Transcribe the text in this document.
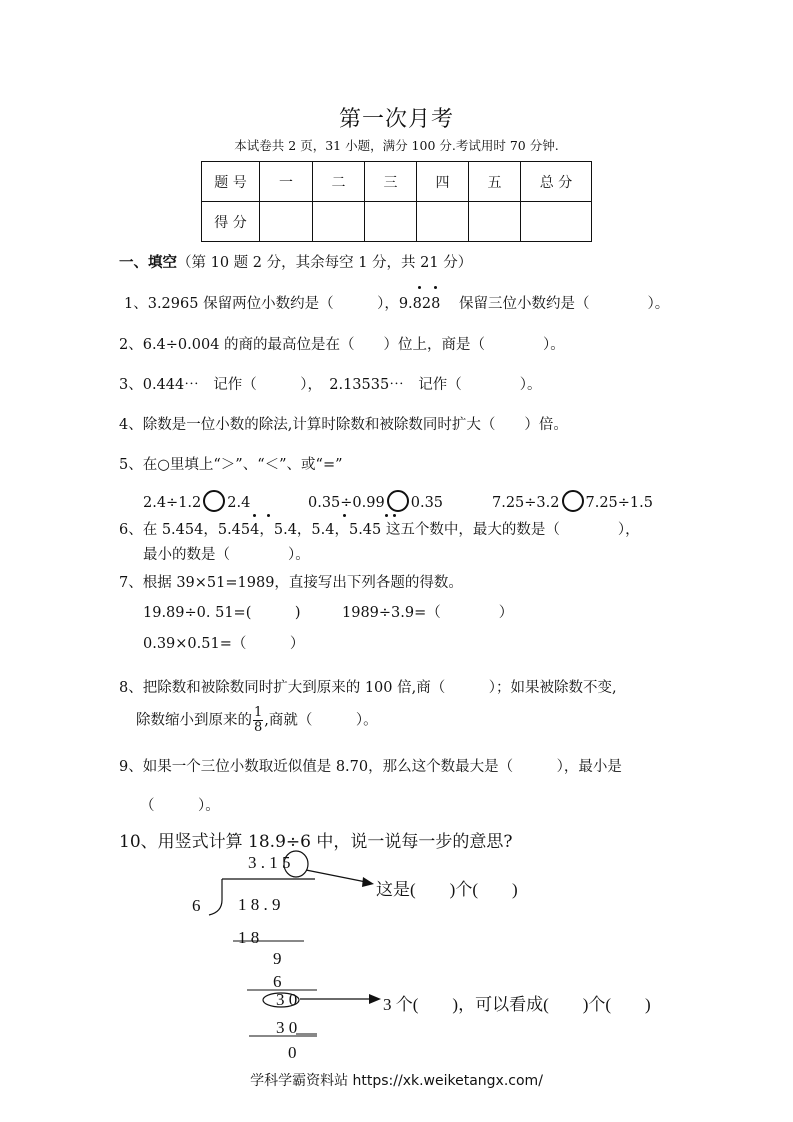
第一次月考
本试卷共 2 页，31 小题，满分 100 分.考试用时 70 分钟.
题 号	一	二	三	四	五	总 分
得 分						
一、填空（第 10 题 2 分，其余每空 1 分，共 21 分）
1、3.2965 保留两位小数约是（　　　），9.828 保留三位小数约是（　　　　）。
2、6.4÷0.004 的商的最高位是在（　　）位上，商是（　　　　）。
3、0.444⋯　记作（　　　），　2.13535⋯　记作（　　　　）。
4、除数是一位小数的除法,计算时除数和被除数同时扩大（　　）倍。
5、在○里填上“＞”、“＜”、或“=”
2.4÷1.2 2.4	0.35÷0.99 0.35	7.25÷3.2 7.25÷1.5
6、在 5.454，5.454，5.4，5.4，5.45 这五个数中，最大的数是（　　　　），
最小的数是（　　　　）。
7、根据 39×51=1989，直接写出下列各题的得数。
19.89÷0. 51=(　　　)	1989÷3.9=（　　　　）
0.39×0.51=（　　　）
8、把除数和被除数同时扩大到原来的 100 倍,商（　　　）；如果被除数不变,
除数缩小到原来的 $\frac{1}{8}$ ,商就（　　　）。
9、如果一个三位小数取近似值是 8.70，那么这个数最大是（　　　），最小是
（　　　）。
10、用竖式计算 18.9÷6 中，说一说每一步的意思?
3 . 1 5
6 1 8 . 9
1 8
9
6
3 0
3 0
0
这是(　　)个(　　)
3 个(　　)，可以看成(　　)个(　　)
学科学霸资料站 https://xk.weiketangx.com/
